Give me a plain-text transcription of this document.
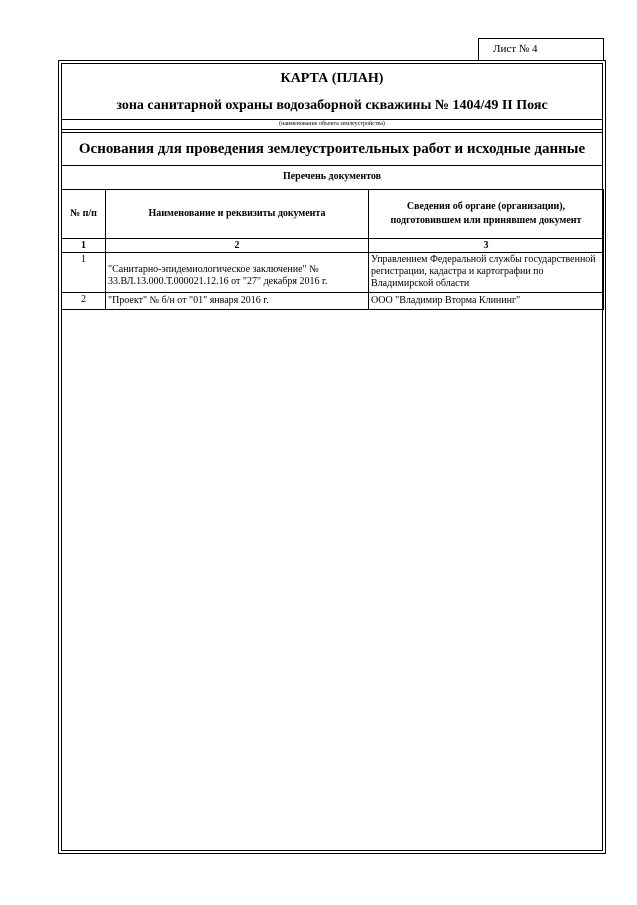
Лист № 4
КАРТА (ПЛАН)
зона санитарной охраны водозаборной скважины № 1404/49 II Пояс
(наименование объекта землеустройства)
Основания для проведения землеустроительных работ и исходные данные
Перечень документов
№ п/п	Наименование и реквизиты документа	Сведения об органе (организации), подготовившем или принявшем документ
1	2	3
1	"Санитарно-эпидемиологическое заключение" № 33.ВЛ.13.000.Т.000021.12.16 от "27" декабря 2016 г.	Управлением Федеральной службы государственной регистрации, кадастра и картографии по Владимирской области
2	"Проект" № б/н от "01" января 2016 г.	ООО "Владимир Вторма Клининг"
